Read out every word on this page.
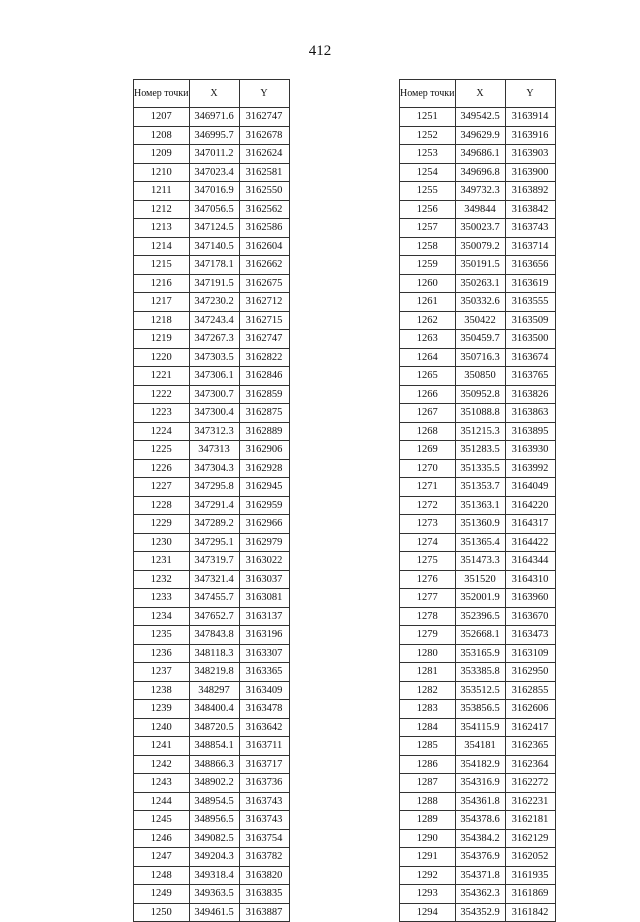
412
Номер точки	X	Y
1207	346971.6	3162747
1208	346995.7	3162678
1209	347011.2	3162624
1210	347023.4	3162581
1211	347016.9	3162550
1212	347056.5	3162562
1213	347124.5	3162586
1214	347140.5	3162604
1215	347178.1	3162662
1216	347191.5	3162675
1217	347230.2	3162712
1218	347243.4	3162715
1219	347267.3	3162747
1220	347303.5	3162822
1221	347306.1	3162846
1222	347300.7	3162859
1223	347300.4	3162875
1224	347312.3	3162889
1225	347313	3162906
1226	347304.3	3162928
1227	347295.8	3162945
1228	347291.4	3162959
1229	347289.2	3162966
1230	347295.1	3162979
1231	347319.7	3163022
1232	347321.4	3163037
1233	347455.7	3163081
1234	347652.7	3163137
1235	347843.8	3163196
1236	348118.3	3163307
1237	348219.8	3163365
1238	348297	3163409
1239	348400.4	3163478
1240	348720.5	3163642
1241	348854.1	3163711
1242	348866.3	3163717
1243	348902.2	3163736
1244	348954.5	3163743
1245	348956.5	3163743
1246	349082.5	3163754
1247	349204.3	3163782
1248	349318.4	3163820
1249	349363.5	3163835
1250	349461.5	3163887
Номер точки	X	Y
1251	349542.5	3163914
1252	349629.9	3163916
1253	349686.1	3163903
1254	349696.8	3163900
1255	349732.3	3163892
1256	349844	3163842
1257	350023.7	3163743
1258	350079.2	3163714
1259	350191.5	3163656
1260	350263.1	3163619
1261	350332.6	3163555
1262	350422	3163509
1263	350459.7	3163500
1264	350716.3	3163674
1265	350850	3163765
1266	350952.8	3163826
1267	351088.8	3163863
1268	351215.3	3163895
1269	351283.5	3163930
1270	351335.5	3163992
1271	351353.7	3164049
1272	351363.1	3164220
1273	351360.9	3164317
1274	351365.4	3164422
1275	351473.3	3164344
1276	351520	3164310
1277	352001.9	3163960
1278	352396.5	3163670
1279	352668.1	3163473
1280	353165.9	3163109
1281	353385.8	3162950
1282	353512.5	3162855
1283	353856.5	3162606
1284	354115.9	3162417
1285	354181	3162365
1286	354182.9	3162364
1287	354316.9	3162272
1288	354361.8	3162231
1289	354378.6	3162181
1290	354384.2	3162129
1291	354376.9	3162052
1292	354371.8	3161935
1293	354362.3	3161869
1294	354352.9	3161842
